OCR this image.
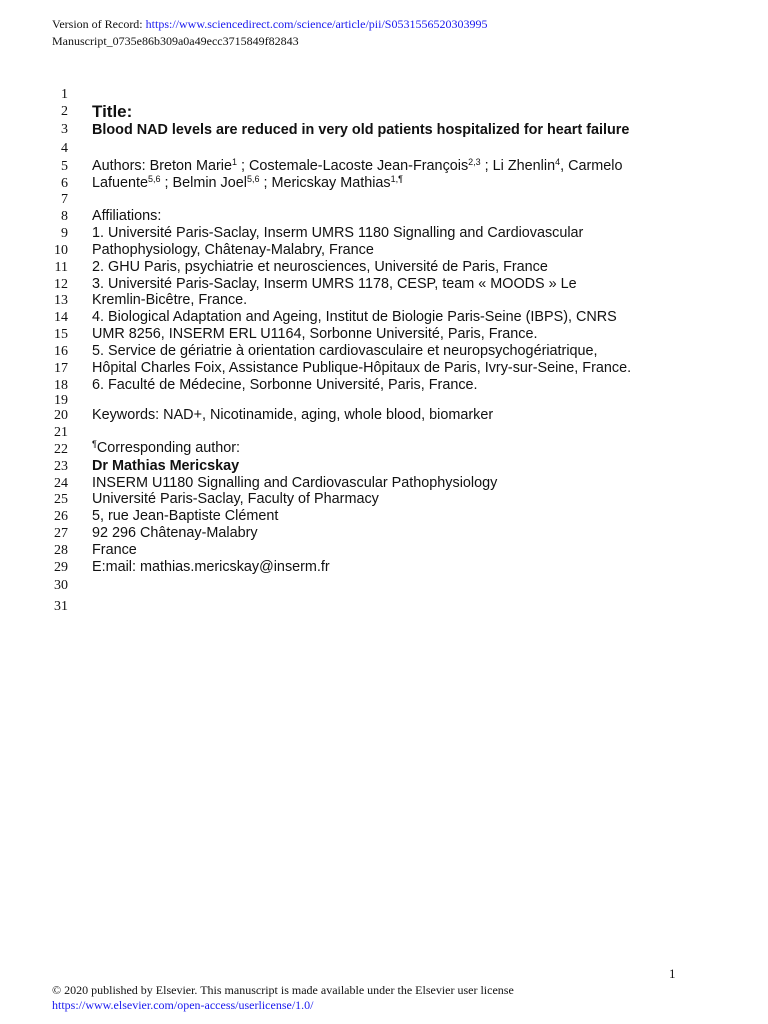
Version of Record: https://www.sciencedirect.com/science/article/pii/S0531556520303995
Manuscript_0735e86b309a0a49ecc3715849f82843
1
2
3
4
5
6
7
8
9
10
11
12
13
14
15
16
17
18
19
20
21
22
23
24
25
26
27
28
29
30
31
Title:
Blood NAD levels are reduced in very old patients hospitalized for heart failure
Authors: Breton Marie$^1$ ; Costemale-Lacoste Jean-François$^{2,3}$ ; Li Zhenlin$^4$, Carmelo
Lafuente$^{5,6}$ ; Belmin Joel$^{5,6}$ ; Mericskay Mathias$^{1,\P}$
Affiliations:
1. Université Paris-Saclay, Inserm UMRS 1180 Signalling and Cardiovascular
Pathophysiology, Châtenay-Malabry, France
2. GHU Paris, psychiatrie et neurosciences, Université de Paris, France
3. Université Paris-Saclay, Inserm UMRS 1178, CESP, team « MOODS » Le
Kremlin-Bicêtre, France.
4. Biological Adaptation and Ageing, Institut de Biologie Paris-Seine (IBPS), CNRS
UMR 8256, INSERM ERL U1164, Sorbonne Université, Paris, France.
5. Service de gériatrie à orientation cardiovasculaire et neuropsychogériatrique,
Hôpital Charles Foix, Assistance Publique-Hôpitaux de Paris, Ivry-sur-Seine, France.
6. Faculté de Médecine, Sorbonne Université, Paris, France.
Keywords: NAD+, Nicotinamide, aging, whole blood, biomarker
¶Corresponding author:
Dr Mathias Mericskay
INSERM U1180 Signalling and Cardiovascular Pathophysiology
Université Paris-Saclay, Faculty of Pharmacy
5, rue Jean-Baptiste Clément
92 296 Châtenay-Malabry
France
E:mail: mathias.mericskay@inserm.fr
1
© 2020 published by Elsevier. This manuscript is made available under the Elsevier user license
https://www.elsevier.com/open-access/userlicense/1.0/
